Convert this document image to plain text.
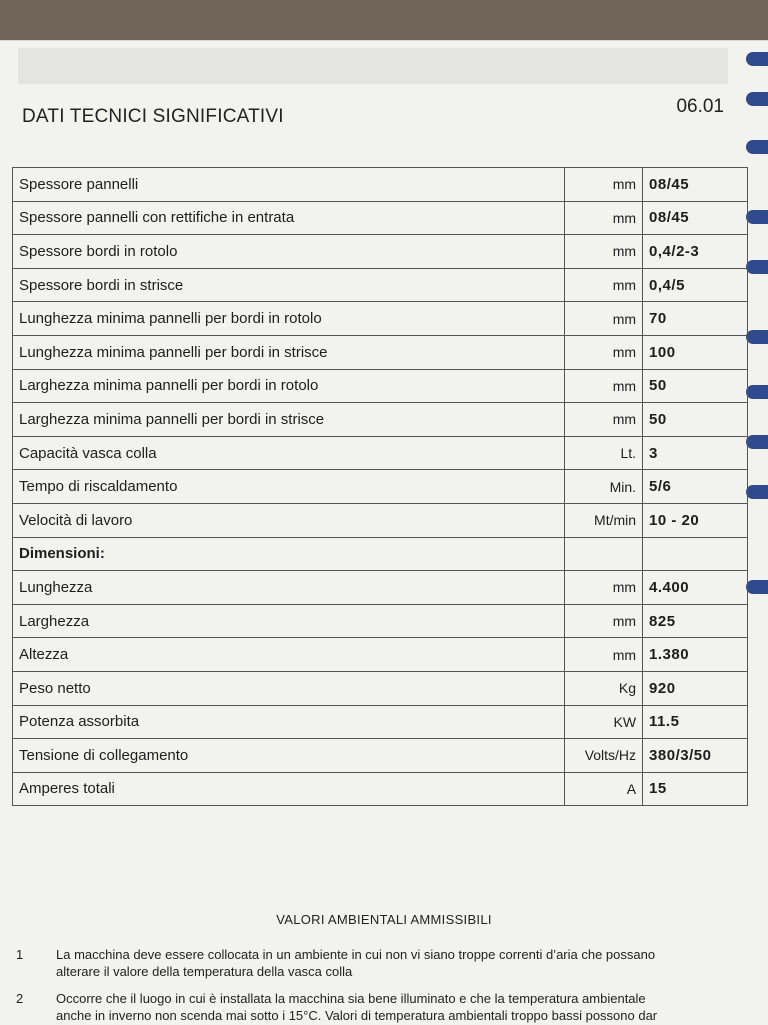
DATI TECNICI SIGNIFICATIVI	06.01
Spessore pannelli	mm	08/45
Spessore pannelli con rettifiche in entrata	mm	08/45
Spessore bordi in rotolo	mm	0,4/2-3
Spessore bordi in strisce	mm	0,4/5
Lunghezza minima pannelli per bordi in rotolo	mm	70
Lunghezza minima pannelli per bordi in strisce	mm	100
Larghezza minima pannelli per bordi in rotolo	mm	50
Larghezza minima pannelli per bordi in strisce	mm	50
Capacità vasca colla	Lt.	3
Tempo di riscaldamento	Min.	5/6
Velocità di lavoro	Mt/min	10 - 20
Dimensioni:		
Lunghezza	mm	4.400
Larghezza	mm	825
Altezza	mm	1.380
Peso netto	Kg	920
Potenza assorbita	KW	11.5
Tensione di collegamento	Volts/Hz	380/3/50
Amperes totali	A	15
VALORI AMBIENTALI AMMISSIBILI
1	La macchina deve essere collocata in un ambiente in cui non vi siano troppe correnti d’aria che possano
alterare il valore della temperatura della vasca colla
2	Occorre che il luogo in cui è installata la macchina sia bene illuminato e che la temperatura ambientale
anche in inverno non scenda mai sotto i 15°C. Valori di temperatura ambientali troppo bassi possono dar
